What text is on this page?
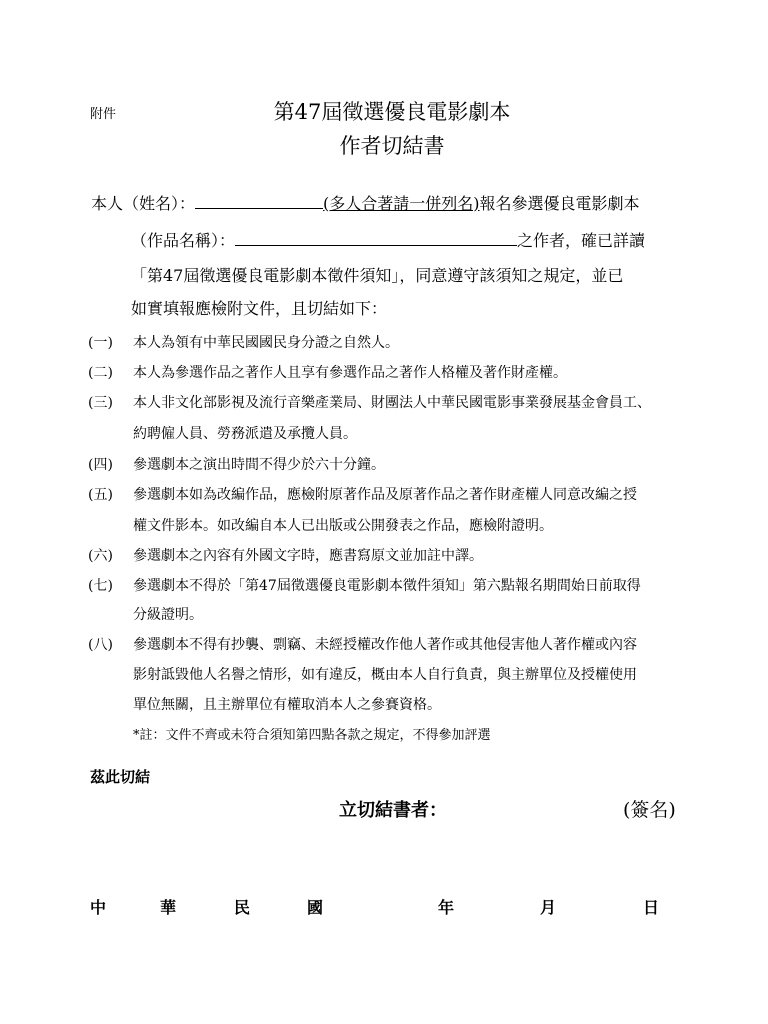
附件	第47屆徵選優良電影劇本
作者切結書
本人（姓名）：	(多人合著請一併列名)報名參選優良電影劇本
（作品名稱）：	之作者，確已詳讀
「第47屆徵選優良電影劇本徵件須知」，同意遵守該須知之規定，並已
如實填報應檢附文件，且切結如下：
(一) 本人為領有中華民國國民身分證之自然人。
(二) 本人為參選作品之著作人且享有參選作品之著作人格權及著作財產權。
(三) 本人非文化部影視及流行音樂產業局、財團法人中華民國電影事業發展基金會員工、
約聘僱人員、勞務派遣及承攬人員。
(四) 參選劇本之演出時間不得少於六十分鐘。
(五) 參選劇本如為改編作品，應檢附原著作品及原著作品之著作財產權人同意改編之授
權文件影本。如改編自本人已出版或公開發表之作品，應檢附證明。
(六) 參選劇本之內容有外國文字時，應書寫原文並加註中譯。
(七) 參選劇本不得於「第47屆徵選優良電影劇本徵件須知」第六點報名期間始日前取得
分級證明。
(八) 參選劇本不得有抄襲、剽竊、未經授權改作他人著作或其他侵害他人著作權或內容
影射詆毀他人名譽之情形，如有違反，概由本人自行負責，與主辦單位及授權使用
單位無關，且主辦單位有權取消本人之參賽資格。
*註：文件不齊或未符合須知第四點各款之規定，不得參加評選
茲此切結
立切結書者：	(簽名)
中	華	民	國	年	月	日
